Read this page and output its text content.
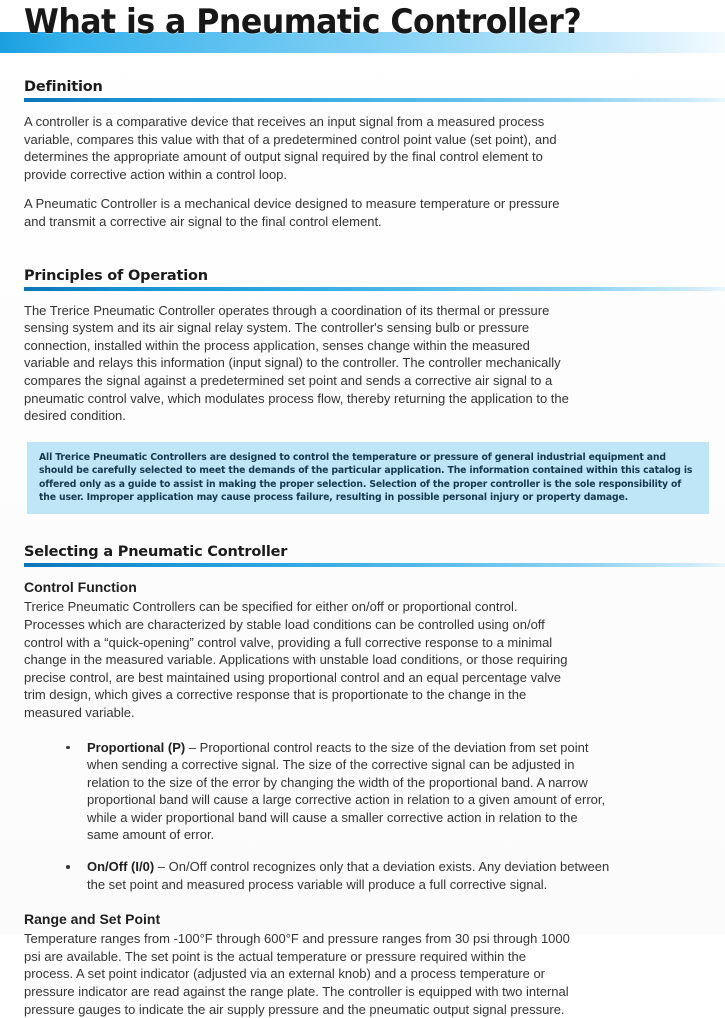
What is a Pneumatic Controller?
Definition

A controller is a comparative device that receives an input signal from a measured process variable, compares this value with that of a predetermined control point value (set point), and determines the appropriate amount of output signal required by the final control element to provide corrective action within a control loop.

A Pneumatic Controller is a mechanical device designed to measure temperature or pressure and transmit a corrective air signal to the final control element.

Principles of Operation

The Trerice Pneumatic Controller operates through a coordination of its thermal or pressure sensing system and its air signal relay system. The controller's sensing bulb or pressure connection, installed within the process application, senses change within the measured variable and relays this information (input signal) to the controller. The controller mechanically compares the signal against a predetermined set point and sends a corrective air signal to a pneumatic control valve, which modulates process flow, thereby returning the application to the desired condition.

All Trerice Pneumatic Controllers are designed to control the temperature or pressure of general industrial equipment and should be carefully selected to meet the demands of the particular application. The information contained within this catalog is offered only as a guide to assist in making the proper selection. Selection of the proper controller is the sole responsibility of the user. Improper application may cause process failure, resulting in possible personal injury or property damage.

Selecting a Pneumatic Controller
Control Function

Trerice Pneumatic Controllers can be specified for either on/off or proportional control. Processes which are characterized by stable load conditions can be controlled using on/off control with a “quick-opening” control valve, providing a full corrective response to a minimal change in the measured variable. Applications with unstable load conditions, or those requiring precise control, are best maintained using proportional control and an equal percentage valve trim design, which gives a corrective response that is proportionate to the change in the measured variable.

Proportional (P) – Proportional control reacts to the size of the deviation from set point when sending a corrective signal. The size of the corrective signal can be adjusted in relation to the size of the error by changing the width of the proportional band. A narrow proportional band will cause a large corrective action in relation to a given amount of error, while a wider proportional band will cause a smaller corrective action in relation to the same amount of error.
On/Off (I/0) – On/Off control recognizes only that a deviation exists. Any deviation between the set point and measured process variable will produce a full corrective signal.
Range and Set Point

Temperature ranges from -100°F through 600°F and pressure ranges from 30 psi through 1000 psi are available. The set point is the actual temperature or pressure required within the process. A set point indicator (adjusted via an external knob) and a process temperature or pressure indicator are read against the range plate. The controller is equipped with two internal pressure gauges to indicate the air supply pressure and the pneumatic output signal pressure.
